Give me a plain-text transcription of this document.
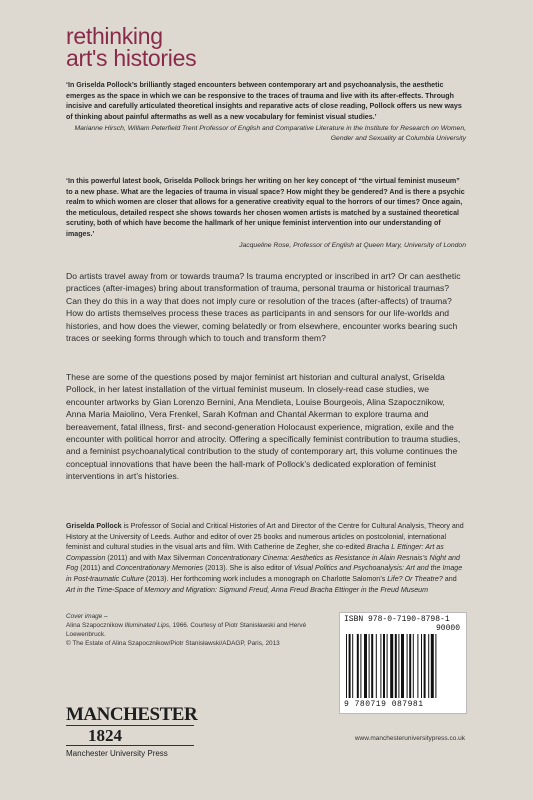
rethinking
art's histories
‘In Griselda Pollock’s brilliantly staged encounters between contemporary art and psychoanalysis, the aesthetic emerges as the space in which we can be responsive to the traces of trauma and live with its after-effects. Through incisive and carefully articulated theoretical insights and reparative acts of close reading, Pollock offers us new ways of thinking about painful aftermaths as well as a new vocabulary for feminist visual studies.’
Marianne Hirsch, William Peterfield Trent Professor of English and Comparative Literature in the Institute for Research on Women, Gender and Sexuality at Columbia University
‘In this powerful latest book, Griselda Pollock brings her writing on her key concept of “the virtual feminist museum” to a new phase. What are the legacies of trauma in visual space? How might they be gendered? And is there a psychic realm to which women are closer that allows for a generative creativity equal to the horrors of our times? Once again, the meticulous, detailed respect she shows towards her chosen women artists is matched by a sustained theoretical scrutiny, both of which have become the hallmark of her unique feminist intervention into our understanding of images.’
Jacqueline Rose, Professor of English at Queen Mary, University of London
Do artists travel away from or towards trauma? Is trauma encrypted or inscribed in art? Or can aesthetic practices (after-images) bring about transformation of trauma, personal trauma or historical traumas? Can they do this in a way that does not imply cure or resolution of the traces (after-affects) of trauma? How do artists themselves process these traces as participants in and sensors for our life-worlds and histories, and how does the viewer, coming belatedly or from elsewhere, encounter works bearing such traces or seeking forms through which to touch and transform them?
These are some of the questions posed by major feminist art historian and cultural analyst, Griselda Pollock, in her latest installation of the virtual feminist museum. In closely-read case studies, we encounter artworks by Gian Lorenzo Bernini, Ana Mendieta, Louise Bourgeois, Alina Szapocznikow, Anna Maria Maiolino, Vera Frenkel, Sarah Kofman and Chantal Akerman to explore trauma and bereavement, fatal illness, first- and second-generation Holocaust experience, migration, exile and the encounter with political horror and atrocity. Offering a specifically feminist contribution to trauma studies, and a feminist psychoanalytical contribution to the study of contemporary art, this volume continues the conceptual innovations that have been the hall-mark of Pollock’s dedicated exploration of feminist interventions in art’s histories.
Griselda Pollock is Professor of Social and Critical Histories of Art and Director of the Centre for Cultural Analysis, Theory and History at the University of Leeds. Author and editor of over 25 books and numerous articles on postcolonial, international feminist and cultural studies in the visual arts and film. With Catherine de Zegher, she co-edited Bracha L Ettinger: Art as Compassion (2011) and with Max Silverman Concentrationary Cinema: Aesthetics as Resistance in Alain Resnais’s Night and Fog (2011) and Concentrationary Memories (2013). She is also editor of Visual Politics and Psychoanalysis: Art and the Image in Post-traumatic Culture (2013). Her forthcoming work includes a monograph on Charlotte Salomon’s Life? Or Theatre? and Art in the Time-Space of Memory and Migration: Sigmund Freud, Anna Freud Bracha Ettinger in the Freud Museum
Cover image –
Alina Szapocznikow Illuminated Lips, 1966. Courtesy of Piotr Stanisławski and Hervé Loewenbruck.
© The Estate of Alina Szapocznikow/Piotr Stanisławski/ADAGP, Paris, 2013
ISBN 978-0-7190-8798-1
90000
9 780719 087981
MANCHESTER
1824
Manchester University Press
www.manchesteruniversitypress.co.uk
